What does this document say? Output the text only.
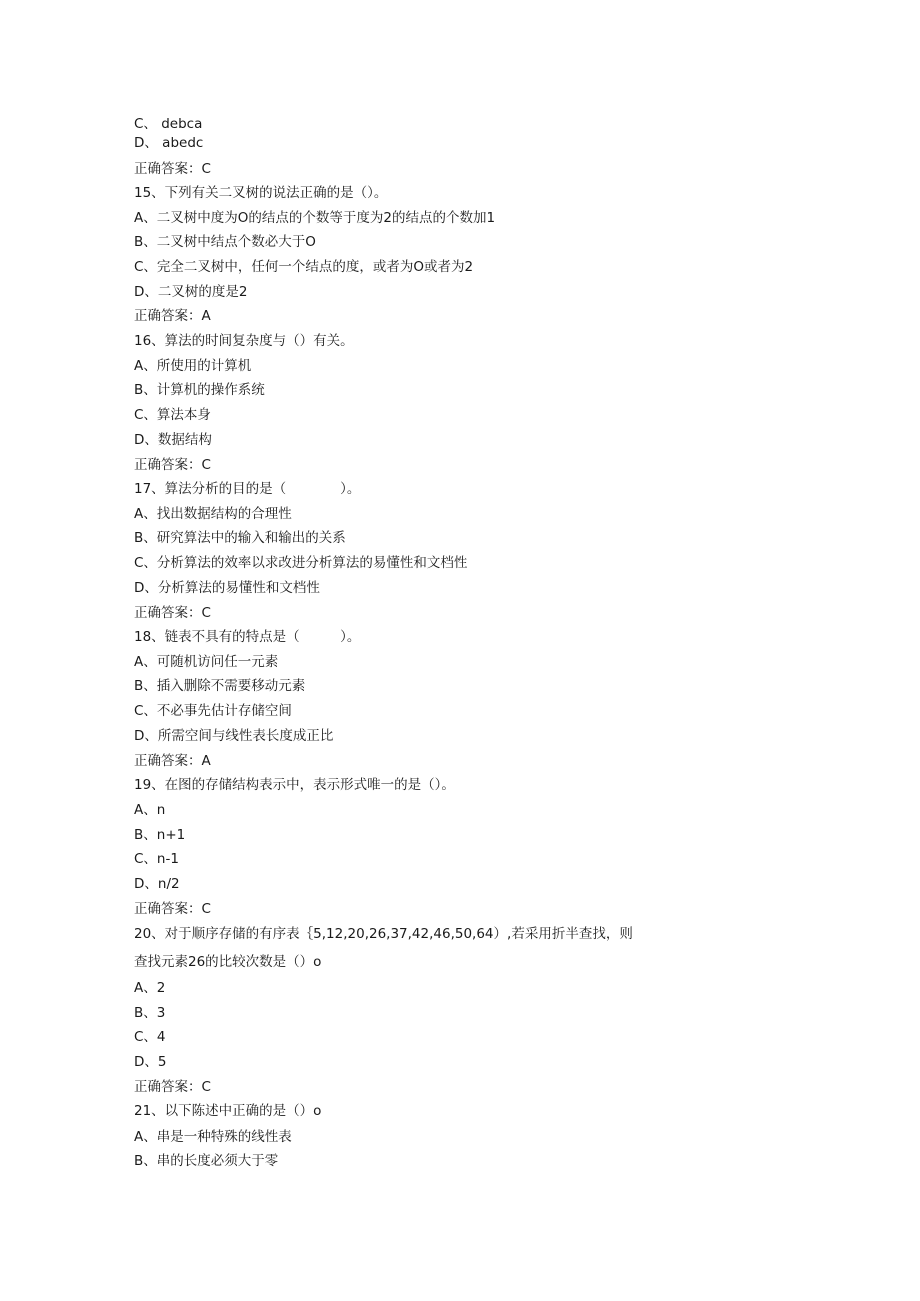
C、 debca
D、 abedc
正确答案：C
15、下列有关二叉树的说法正确的是（）。
A、二叉树中度为O的结点的个数等于度为2的结点的个数加1
B、二叉树中结点个数必大于O
C、完全二叉树中，任何一个结点的度，或者为O或者为2
D、二叉树的度是2
正确答案：A
16、算法的时间复杂度与（）有关。
A、所使用的计算机
B、计算机的操作系统
C、算法本身
D、数据结构
正确答案：C
17、算法分析的目的是（　　　　）。
A、找出数据结构的合理性
B、研究算法中的输入和输出的关系
C、分析算法的效率以求改进分析算法的易懂性和文档性
D、分析算法的易懂性和文档性
正确答案：C
18、链表不具有的特点是（　　　）。
A、可随机访问任一元素
B、插入删除不需要移动元素
C、不必事先估计存储空间
D、所需空间与线性表长度成正比
正确答案：A
19、在图的存储结构表示中，表示形式唯一的是（）。
A、n
B、n+1
C、n-1
D、n/2
正确答案：C
20、对于顺序存储的有序表｛5,12,20,26,37,42,46,50,64）,若采用折半查找，则
查找元素26的比较次数是（）o
A、2
B、3
C、4
D、5
正确答案：C
21、以下陈述中正确的是（）o
A、串是一种特殊的线性表
B、串的长度必须大于零
